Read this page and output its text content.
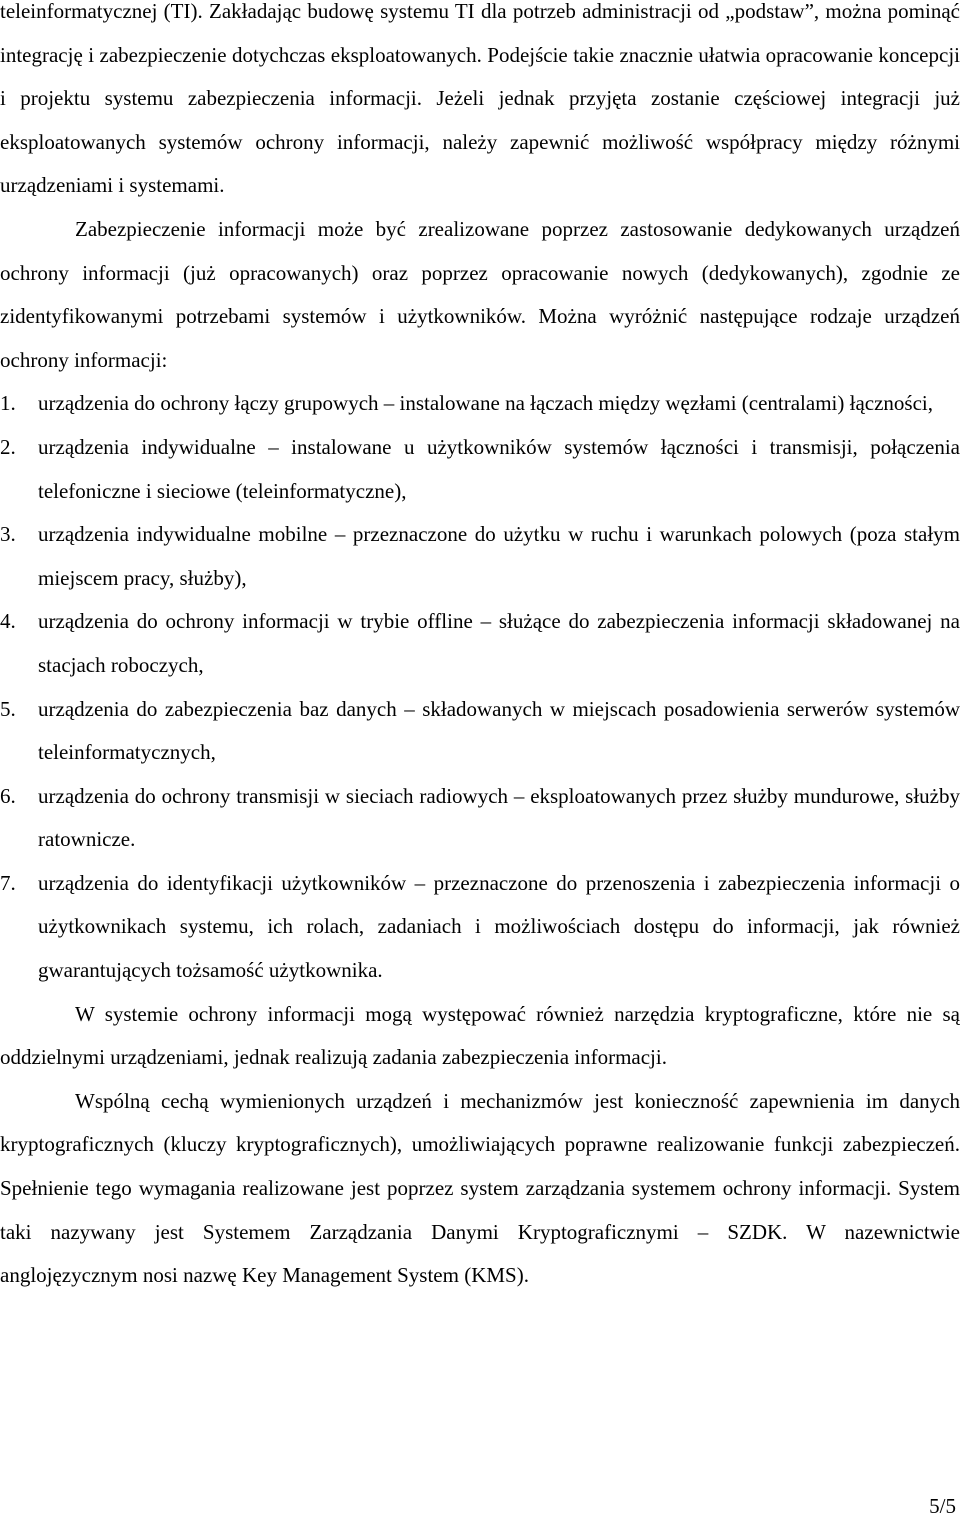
teleinformatycznej (TI). Zakładając budowę systemu TI dla potrzeb administracji od „podstaw”, można pominąć integrację i zabezpieczenie dotychczas eksploatowanych. Podejście takie znacznie ułatwia opracowanie koncepcji i projektu systemu zabezpieczenia informacji. Jeżeli jednak przyjęta zostanie częściowej integracji już eksploatowanych systemów ochrony informacji, należy zapewnić możliwość współpracy między różnymi urządzeniami i systemami.

Zabezpieczenie informacji może być zrealizowane poprzez zastosowanie dedykowanych urządzeń ochrony informacji (już opracowanych) oraz poprzez opracowanie nowych (dedykowanych), zgodnie ze zidentyfikowanymi potrzebami systemów i użytkowników. Można wyróżnić następujące rodzaje urządzeń ochrony informacji:

1.	urządzenia do ochrony łączy grupowych – instalowane na łączach między węzłami (centralami) łączności,
2.	urządzenia indywidualne – instalowane u użytkowników systemów łączności i transmisji, połączenia telefoniczne i sieciowe (teleinformatyczne),
3.	urządzenia indywidualne mobilne – przeznaczone do użytku w ruchu i warunkach polowych (poza stałym miejscem pracy, służby),
4.	urządzenia do ochrony informacji w trybie offline – służące do zabezpieczenia informacji składowanej na stacjach roboczych,
5.	urządzenia do zabezpieczenia baz danych – składowanych w miejscach posadowienia serwerów systemów teleinformatycznych,
6.	urządzenia do ochrony transmisji w sieciach radiowych – eksploatowanych przez służby mundurowe, służby ratownicze.
7.	urządzenia do identyfikacji użytkowników – przeznaczone do przenoszenia i zabezpieczenia informacji o użytkownikach systemu, ich rolach, zadaniach i możliwościach dostępu do informacji, jak również gwarantujących tożsamość użytkownika.

W systemie ochrony informacji mogą występować również narzędzia kryptograficzne, które nie są oddzielnymi urządzeniami, jednak realizują zadania zabezpieczenia informacji.

Wspólną cechą wymienionych urządzeń i mechanizmów jest konieczność zapewnienia im danych kryptograficznych (kluczy kryptograficznych), umożliwiających poprawne realizowanie funkcji zabezpieczeń. Spełnienie tego wymagania realizowane jest poprzez system zarządzania systemem ochrony informacji. System taki nazywany jest Systemem Zarządzania Danymi Kryptograficznymi – SZDK. W nazewnictwie anglojęzycznym nosi nazwę Key Management System (KMS).

5/5
